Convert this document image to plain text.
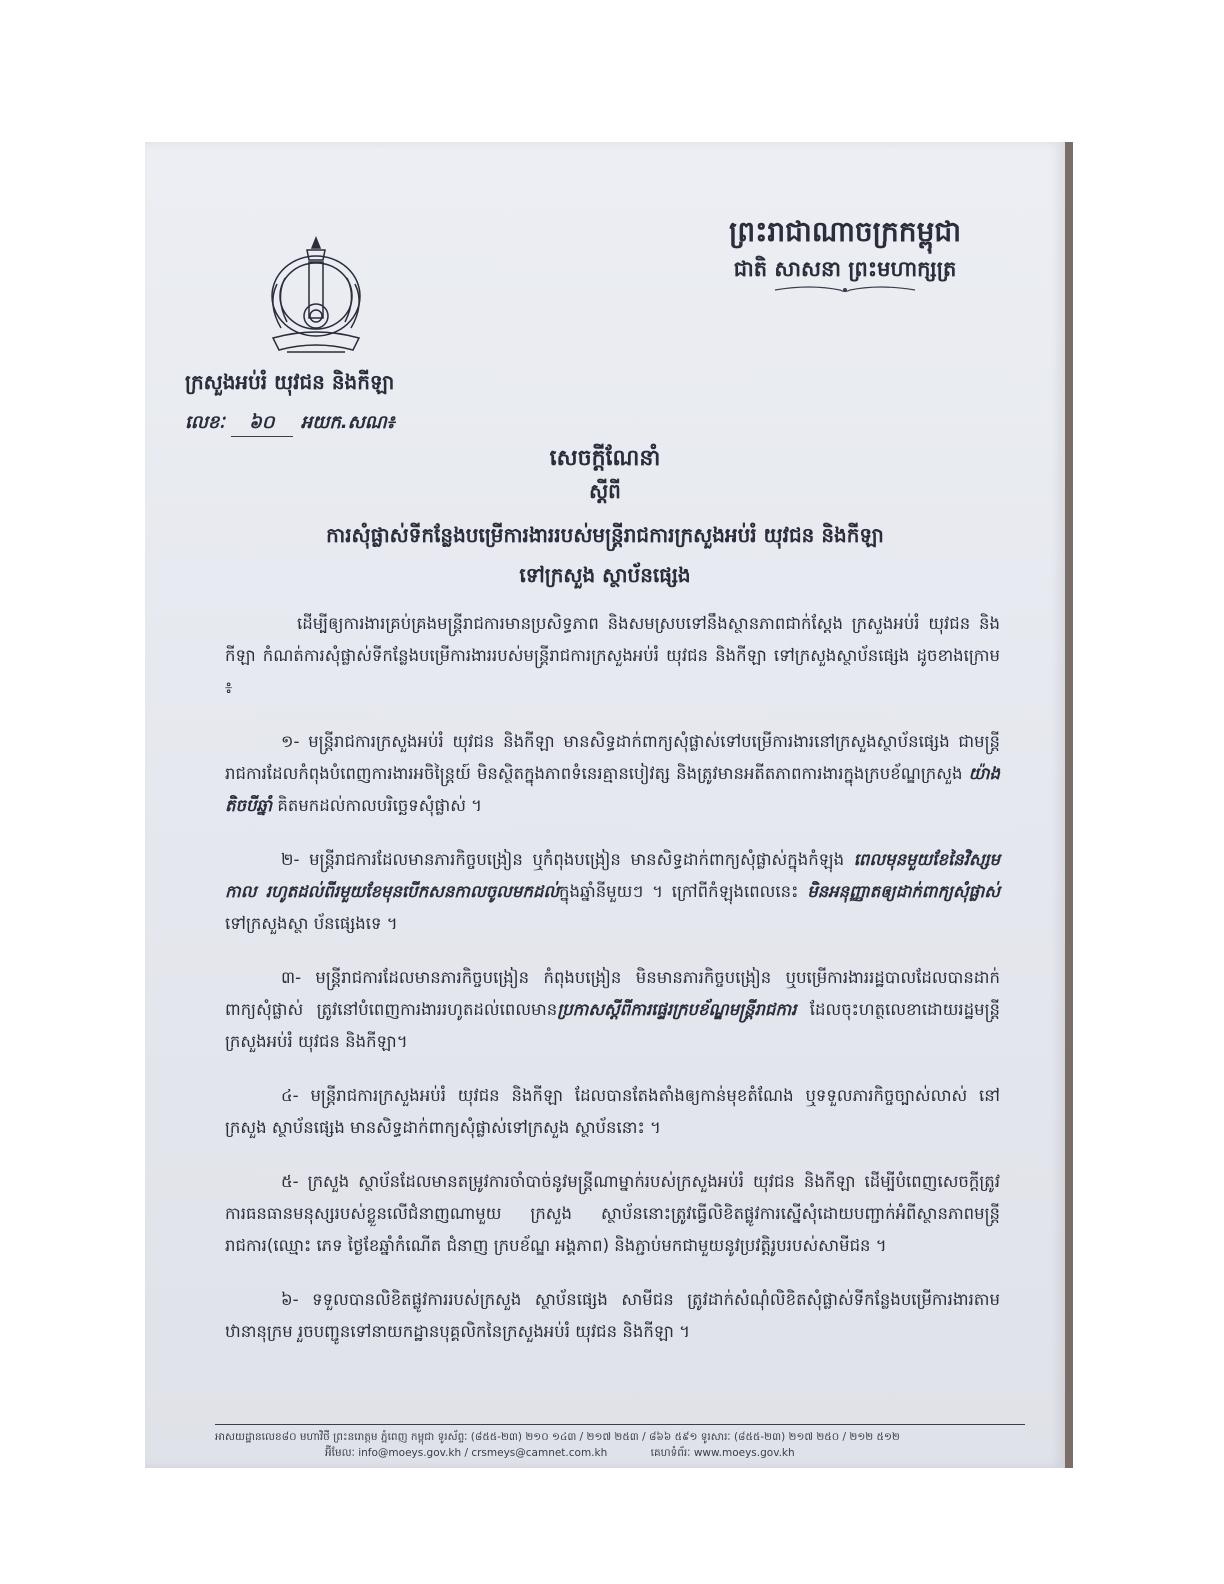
ព្រះរាជាណាចក្រកម្ពុជា
ជាតិ សាសនា ព្រះមហាក្សត្រ
ក្រសួងអប់រំ យុវជន និងកីឡា
លេខៈ ៦០ អយក.សណ៖
សេចក្តីណែនាំ
ស្តីពី
ការសុំផ្លាស់ទីកន្លែងបម្រើការងាររបស់មន្ត្រីរាជការក្រសួងអប់រំ យុវជន និងកីឡា
ទៅក្រសួង ស្ថាប័នផ្សេង

ដើម្បីឲ្យការងារគ្រប់គ្រងមន្ត្រីរាជការមានប្រសិទ្ធភាព និងសមស្របទៅនឹងស្ថានភាពជាក់ស្តែង ក្រសួងអប់រំ យុវជន និងកីឡា កំណត់ការសុំផ្លាស់ទីកន្លែងបម្រើការងាររបស់មន្ត្រីរាជការក្រសួងអប់រំ យុវជន និងកីឡា ទៅក្រសួងស្ថាប័នផ្សេង ដូចខាងក្រោម ៖

១- មន្ត្រីរាជការក្រសួងអប់រំ យុវជន និងកីឡា មានសិទ្ធដាក់ពាក្យសុំផ្លាស់ទៅបម្រើការងារនៅក្រសួងស្ថាប័នផ្សេង ជាមន្ត្រីរាជការដែលកំពុងបំពេញការងារអចិន្ត្រៃយ៍ មិនស្ថិតក្នុងភាពទំនេរគ្មានបៀវត្ស និងត្រូវមានអតីតភាពការងារក្នុងក្របខ័ណ្ឌក្រសួង យ៉ាងតិចបីឆ្នាំ គិតមកដល់កាលបរិច្ឆេទសុំផ្លាស់ ។

២- មន្ត្រីរាជការដែលមានភារកិច្ចបង្រៀន ឬកំពុងបង្រៀន មានសិទ្ធដាក់ពាក្យសុំផ្លាស់ក្នុងកំឡុង ពេលមុនមួយខែនៃវិស្សមកាល រហូតដល់ពីរមួយខែមុនបើកសនកាលចូលមកដល់ក្នុងឆ្នាំនីមួយៗ ។ ក្រៅពីកំឡុងពេលនេះ មិនអនុញ្ញាតឲ្យដាក់ពាក្យសុំផ្លាស់ទៅក្រសួងស្ថា ប័នផ្សេងទេ ។

៣- មន្ត្រីរាជការដែលមានភារកិច្ចបង្រៀន កំពុងបង្រៀន មិនមានភារកិច្ចបង្រៀន ឬបម្រើការងាររដ្ឋបាលដែលបានដាក់ពាក្យសុំផ្លាស់ ត្រូវនៅបំពេញការងាររហូតដល់ពេលមានប្រកាសស្តីពីការផ្ទេរក្របខ័ណ្ឌមន្ត្រីរាជការ ដែលចុះហត្ថលេខាដោយរដ្ឋមន្ត្រីក្រសួងអប់រំ យុវជន និងកីឡា។

៤- មន្ត្រីរាជការក្រសួងអប់រំ យុវជន និងកីឡា ដែលបានតែងតាំងឲ្យកាន់មុខតំណែង ឬទទួលភារកិច្ចច្បាស់លាស់ នៅក្រសួង ស្ថាប័នផ្សេង មានសិទ្ធដាក់ពាក្យសុំផ្លាស់ទៅក្រសួង ស្ថាប័ននោះ ។

៥- ក្រសួង ស្ថាប័នដែលមានតម្រូវការចាំបាច់នូវមន្ត្រីណាម្នាក់របស់ក្រសួងអប់រំ យុវជន និងកីឡា ដើម្បីបំពេញសេចក្តីត្រូវការធនធានមនុស្សរបស់ខ្លួនលើជំនាញណាមួយ ក្រសួង ស្ថាប័ននោះត្រូវធ្វើលិខិតផ្លូវការស្នើសុំដោយបញ្ជាក់អំពីស្ថានភាពមន្ត្រីរាជការ(ឈ្មោះ ភេទ ថ្ងៃខែឆ្នាំកំណើត ជំនាញ ក្របខ័ណ្ឌ អង្គភាព) និងភ្ជាប់មកជាមួយនូវប្រវត្តិរូបរបស់សាមីជន ។

៦- ទទួលបានលិខិតផ្លូវការរបស់ក្រសួង ស្ថាប័នផ្សេង សាមីជន ត្រូវដាក់សំណុំលិខិតសុំផ្លាស់ទីកន្លែងបម្រើការងារតាមឋានានុក្រម រួចបញ្ជូនទៅនាយកដ្ឋានបុគ្គលិកនៃក្រសួងអប់រំ យុវជន និងកីឡា ។

អាសយដ្ឋានលេខ៨០ មហាវិថី ព្រះនរោត្តម ភ្នំពេញ កម្ពុជា ទូរស័ព្ទៈ (៨៥៥-២៣) ២១០ ១៤៣ / ២១៧ ២៥៣ / ៨៦៦ ៥៩១ ទូរសារៈ (៨៥៥-២៣) ២១៧ ២៥០ / ២១២ ៥១២
អ៊ីមែលៈ info@moeys.gov.kh / crsmeys@camnet.com.kh	គេហទំព័រៈ www.moeys.gov.kh
